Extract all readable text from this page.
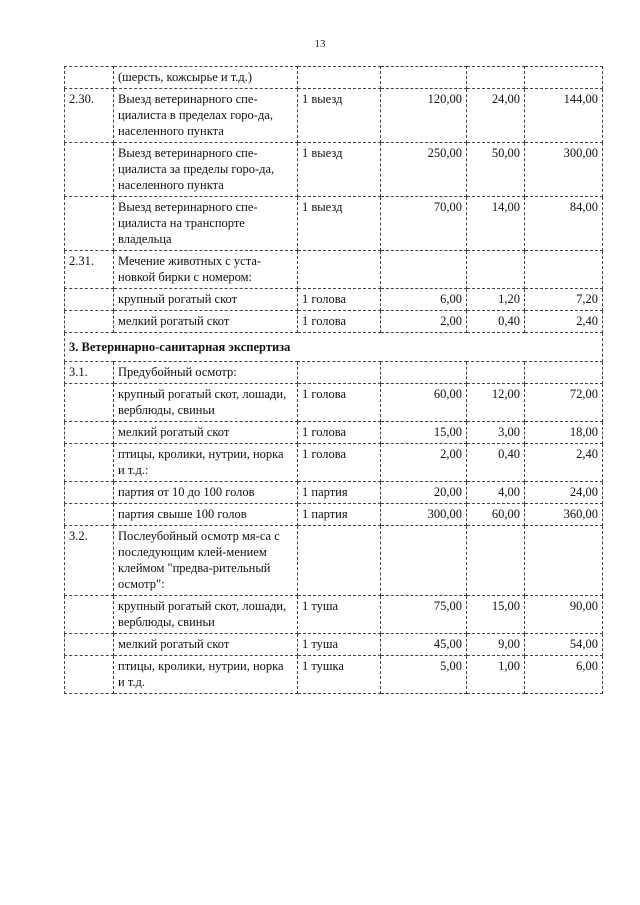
13
	(шерсть, кожсырье и т.д.)				
2.30.	Выезд ветеринарного спе-циалиста в пределах горо-да, населенного пункта	1 выезд	120,00	24,00	144,00
	Выезд ветеринарного спе-циалиста за пределы горо-да, населенного пункта	1 выезд	250,00	50,00	300,00
	Выезд ветеринарного спе-циалиста на транспорте владельца	1 выезд	70,00	14,00	84,00
2.31.	Мечение животных с уста-новкой бирки с номером:				
	крупный рогатый скот	1 голова	6,00	1,20	7,20
	мелкий рогатый скот	1 голова	2,00	0,40	2,40
3. Ветеринарно-санитарная экспертиза					
3.1.	Предубойный осмотр:				
	крупный рогатый скот, лошади, верблюды, свиньи	1 голова	60,00	12,00	72,00
	мелкий рогатый скот	1 голова	15,00	3,00	18,00
	птицы, кролики, нутрии, норка и т.д.:	1 голова	2,00	0,40	2,40
	партия от 10 до 100 голов	1 партия	20,00	4,00	24,00
	партия свыше 100 голов	1 партия	300,00	60,00	360,00
3.2.	Послеубойный осмотр мя-са с последующим клей-мением клеймом "предва-рительный осмотр":				
	крупный рогатый скот, лошади, верблюды, свиньи	1 туша	75,00	15,00	90,00
	мелкий рогатый скот	1 туша	45,00	9,00	54,00
	птицы, кролики, нутрии, норка и т.д.	1 тушка	5,00	1,00	6,00
